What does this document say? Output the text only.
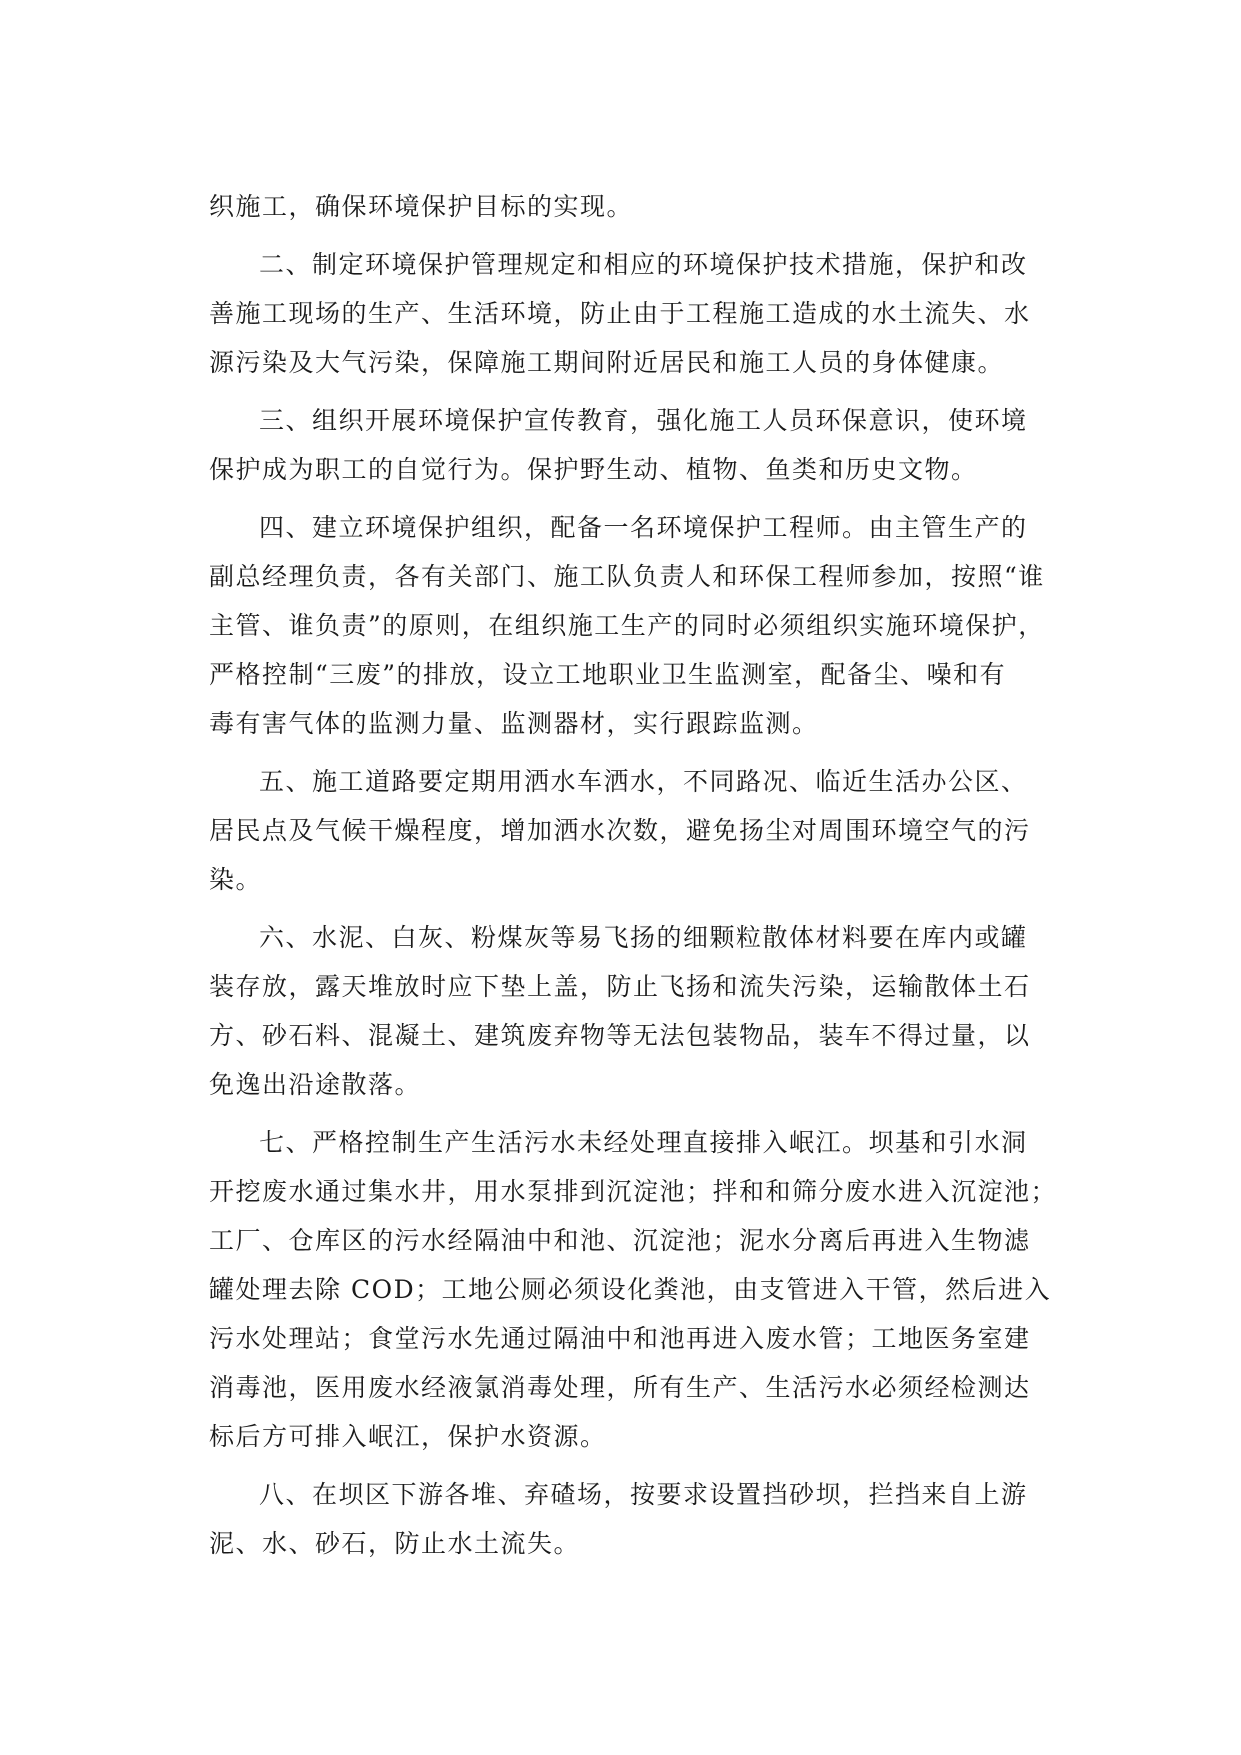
织施工，确保环境保护目标的实现。
二、制定环境保护管理规定和相应的环境保护技术措施，保护和改
善施工现场的生产、生活环境，防止由于工程施工造成的水土流失、水
源污染及大气污染，保障施工期间附近居民和施工人员的身体健康。
三、组织开展环境保护宣传教育，强化施工人员环保意识，使环境
保护成为职工的自觉行为。保护野生动、植物、鱼类和历史文物。
四、建立环境保护组织，配备一名环境保护工程师。由主管生产的
副总经理负责，各有关部门、施工队负责人和环保工程师参加，按照“谁
主管、谁负责”的原则，在组织施工生产的同时必须组织实施环境保护，
严格控制“三废”的排放，设立工地职业卫生监测室，配备尘、噪和有
毒有害气体的监测力量、监测器材，实行跟踪监测。
五、施工道路要定期用洒水车洒水，不同路况、临近生活办公区、
居民点及气候干燥程度，增加洒水次数，避免扬尘对周围环境空气的污
染。
六、水泥、白灰、粉煤灰等易飞扬的细颗粒散体材料要在库内或罐
装存放，露天堆放时应下垫上盖，防止飞扬和流失污染，运输散体土石
方、砂石料、混凝土、建筑废弃物等无法包装物品，装车不得过量，以
免逸出沿途散落。
七、严格控制生产生活污水未经处理直接排入岷江。坝基和引水洞
开挖废水通过集水井，用水泵排到沉淀池；拌和和筛分废水进入沉淀池；
工厂、仓库区的污水经隔油中和池、沉淀池；泥水分离后再进入生物滤
罐处理去除 COD；工地公厕必须设化粪池，由支管进入干管，然后进入
污水处理站；食堂污水先通过隔油中和池再进入废水管；工地医务室建
消毒池，医用废水经液氯消毒处理，所有生产、生活污水必须经检测达
标后方可排入岷江，保护水资源。
八、在坝区下游各堆、弃碴场，按要求设置挡砂坝，拦挡来自上游
泥、水、砂石，防止水土流失。
